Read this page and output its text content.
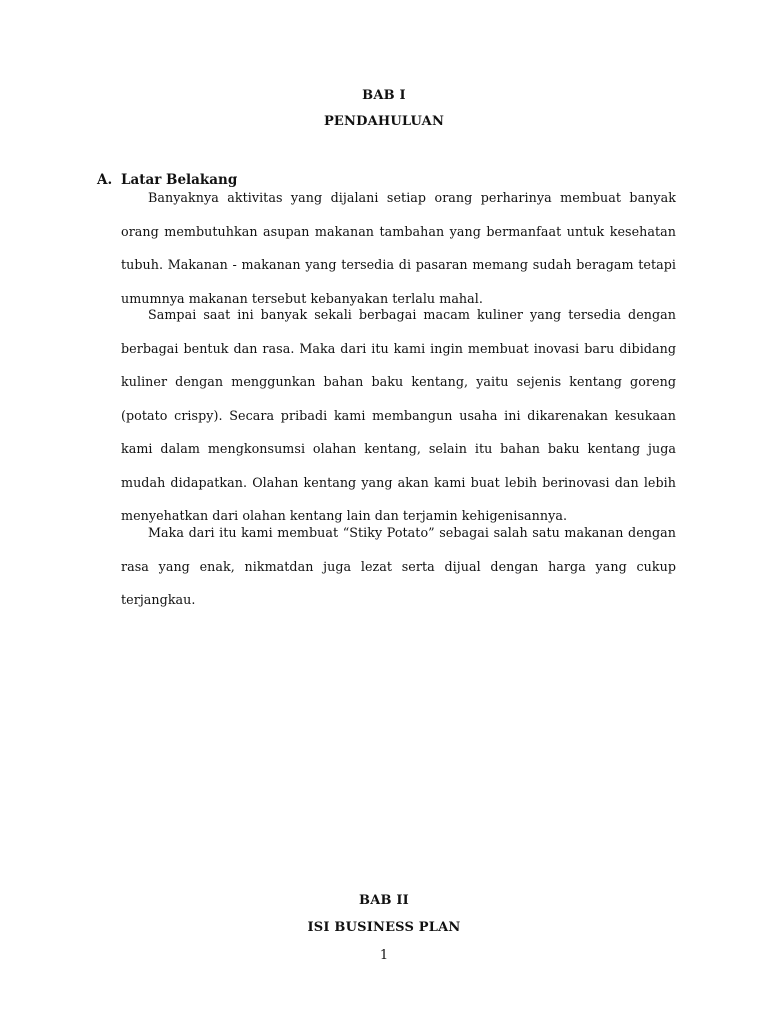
BAB I
PENDAHULUAN
A. Latar Belakang

Banyaknya aktivitas yang dijalani setiap orang perharinya membuat banyak orang membutuhkan asupan makanan tambahan yang bermanfaat untuk kesehatan tubuh. Makanan - makanan yang tersedia di pasaran memang sudah beragam tetapi umumnya makanan tersebut kebanyakan terlalu mahal.

Sampai saat ini banyak sekali berbagai macam kuliner yang tersedia dengan berbagai bentuk dan rasa. Maka dari itu kami ingin membuat inovasi baru dibidang kuliner dengan menggunkan bahan baku kentang, yaitu sejenis kentang goreng (potato crispy). Secara pribadi kami membangun usaha ini dikarenakan kesukaan kami dalam mengkonsumsi olahan kentang, selain itu bahan baku kentang juga mudah didapatkan. Olahan kentang yang akan kami buat lebih berinovasi dan lebih menyehatkan dari olahan kentang lain dan terjamin kehigenisannya.

Maka dari itu kami membuat “Stiky Potato” sebagai salah satu makanan dengan rasa yang enak, nikmatdan juga lezat serta dijual dengan harga yang cukup terjangkau.

BAB II
ISI BUSINESS PLAN
1
